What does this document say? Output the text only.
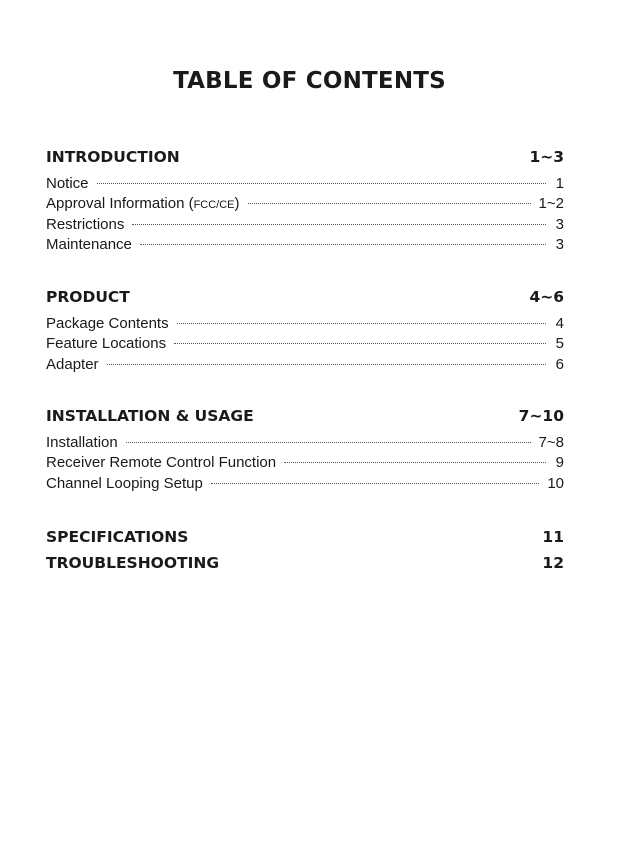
TABLE OF CONTENTS
INTRODUCTION	1~3
Notice	1
Approval Information (FCC/CE)	1~2
Restrictions	3
Maintenance	3
PRODUCT	4~6
Package Contents	4
Feature Locations	5
Adapter	6
INSTALLATION & USAGE	7~10
Installation	7~8
Receiver Remote Control Function	9
Channel Looping Setup	10
SPECIFICATIONS	11
TROUBLESHOOTING	12
